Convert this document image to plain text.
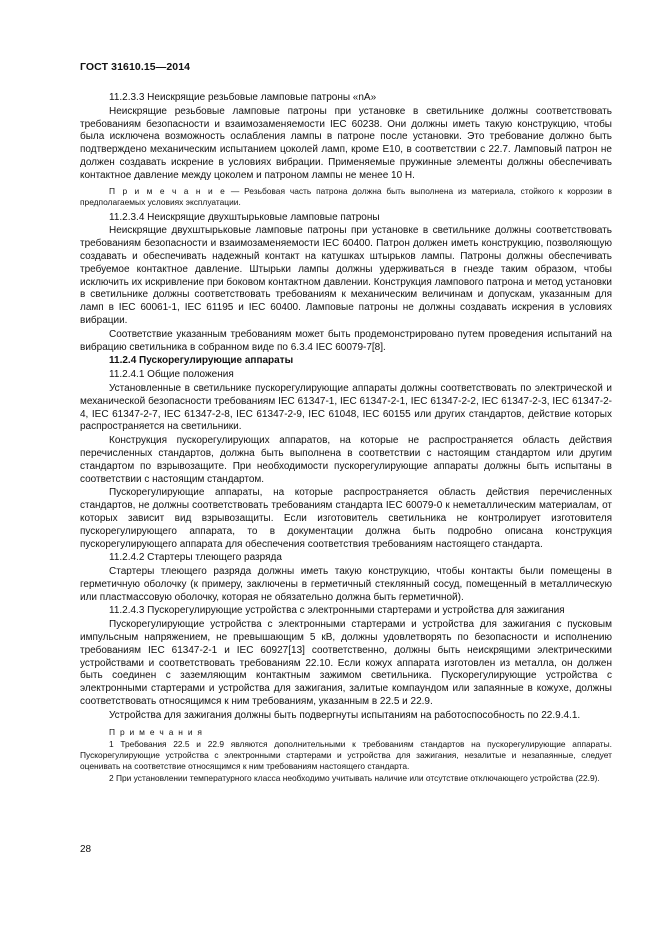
ГОСТ 31610.15—2014

11.2.3.3 Неискрящие резьбовые ламповые патроны «nA»

Неискрящие резьбовые ламповые патроны при установке в светильнике должны соответствовать требованиям безопасности и взаимозаменяемости IEC 60238. Они должны иметь такую конструкцию, чтобы была исключена возможность ослабления лампы в патроне после установки. Это требование должно быть подтверждено механическим испытанием цоколей ламп, кроме E10, в соответствии с 22.7. Ламповый патрон не должен создавать искрение в условиях вибрации. Применяемые пружинные элементы должны обеспечивать контактное давление между цоколем и патроном лампы не менее 10 Н.

П р и м е ч а н и е — Резьбовая часть патрона должна быть выполнена из материала, стойкого к коррозии в предполагаемых условиях эксплуатации.

11.2.3.4 Неискрящие двухштырьковые ламповые патроны

Неискрящие двухштырьковые ламповые патроны при установке в светильнике должны соответствовать требованиям безопасности и взаимозаменяемости IEC 60400. Патрон должен иметь конструкцию, позволяющую создавать и обеспечивать надежный контакт на катушках штырьков лампы. Патроны должны обеспечивать требуемое контактное давление. Штырьки лампы должны удерживаться в гнезде таким образом, чтобы исключить их искривление при боковом контактном давлении. Конструкция лампового патрона и метод установки в светильнике должны соответствовать требованиям к механическим величинам и допускам, указанным для ламп в IEC 60061-1, IEC 61195 и IEC 60400. Ламповые патроны не должны создавать искрения в условиях вибрации.

Соответствие указанным требованиям может быть продемонстрировано путем проведения испытаний на вибрацию светильника в собранном виде по 6.3.4 IEC 60079-7[8].

11.2.4 Пускорегулирующие аппараты

11.2.4.1 Общие положения

Установленные в светильнике пускорегулирующие аппараты должны соответствовать по электрической и механической безопасности требованиям IEC 61347-1, IEC 61347-2-1, IEC 61347-2-2, IEC 61347-2-3, IEC 61347-2-4, IEC 61347-2-7, IEC 61347-2-8, IEC 61347-2-9, IEC 61048, IEC 60155 или других стандартов, действие которых распространяется на светильники.

Конструкция пускорегулирующих аппаратов, на которые не распространяется область действия перечисленных стандартов, должна быть выполнена в соответствии с настоящим стандартом или другим стандартом по взрывозащите. При необходимости пускорегулирующие аппараты должны быть испытаны в соответствии с настоящим стандартом.

Пускорегулирующие аппараты, на которые распространяется область действия перечисленных стандартов, не должны соответствовать требованиям стандарта IEC 60079-0 к неметаллическим материалам, от которых зависит вид взрывозащиты. Если изготовитель светильника не контролирует изготовителя пускорегулирующего аппарата, то в документации должна быть подробно описана конструкция пускорегулирующего аппарата для обеспечения соответствия требованиям настоящего стандарта.

11.2.4.2 Стартеры тлеющего разряда

Стартеры тлеющего разряда должны иметь такую конструкцию, чтобы контакты были помещены в герметичную оболочку (к примеру, заключены в герметичный стеклянный сосуд, помещенный в металлическую или пластмассовую оболочку, которая не обязательно должна быть герметичной).

11.2.4.3 Пускорегулирующие устройства с электронными стартерами и устройства для зажигания

Пускорегулирующие устройства с электронными стартерами и устройства для зажигания с пусковым импульсным напряжением, не превышающим 5 кВ, должны удовлетворять по безопасности и исполнению требованиям IEC 61347-2-1 и IEC 60927[13] соответственно, должны быть неискрящими электрическими устройствами и соответствовать требованиям 22.10. Если кожух аппарата изготовлен из металла, он должен быть соединен с заземляющим контактным зажимом светильника. Пускорегулирующие устройства с электронными стартерами и устройства для зажигания, залитые компаундом или запаянные в кожухе, должны соответствовать относящимся к ним требованиям, указанным в 22.5 и 22.9.

Устройства для зажигания должны быть подвергнуты испытаниям на работоспособность по 22.9.4.1.

П р и м е ч а н и я

1 Требования 22.5 и 22.9 являются дополнительными к требованиям стандартов на пускорегулирующие аппараты. Пускорегулирующие устройства с электронными стартерами и устройства для зажигания, незалитые и незапаянные, следует оценивать на соответствие относящимся к ним требованиям настоящего стандарта.

2 При установлении температурного класса необходимо учитывать наличие или отсутствие отключающего устройства (22.9).

28
